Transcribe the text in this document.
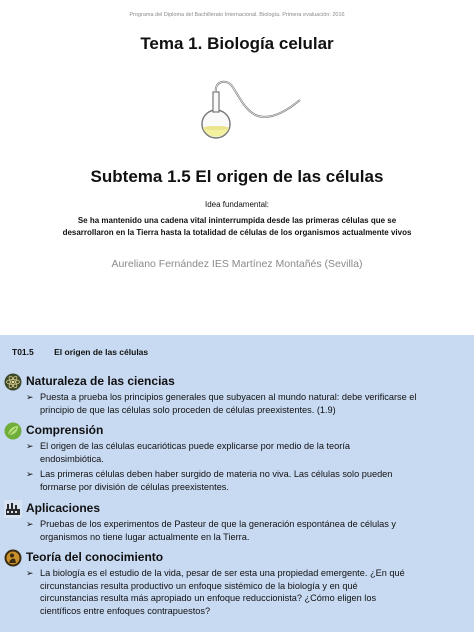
Programa del Diploma del Bachillerato Internacional. Biología. Primera evaluación: 2016
Tema 1. Biología celular
Subtema 1.5 El origen de las células
Idea fundamental:
Se ha mantenido una cadena vital ininterrumpida desde las primeras células que se
desarrollaron en la Tierra hasta la totalidad de células de los organismos actualmente vivos
Aureliano Fernández IES Martínez Montañés (Sevilla)
T01.5 El origen de las células
Naturaleza de las ciencias
➢ Puesta a prueba los principios generales que subyacen al mundo natural: debe verificarse el
principio de que las células solo proceden de células preexistentes. (1.9)
Comprensión
➢ El origen de las células eucarióticas puede explicarse por medio de la teoría
endosimbiótica.
➢ Las primeras células deben haber surgido de materia no viva. Las células solo pueden
formarse por división de células preexistentes.
Aplicaciones
➢ Pruebas de los experimentos de Pasteur de que la generación espontánea de células y
organismos no tiene lugar actualmente en la Tierra.
Teoría del conocimiento
➢ La biología es el estudio de la vida, pesar de ser esta una propiedad emergente. ¿En qué
circunstancias resulta productivo un enfoque sistémico de la biología y en qué
circunstancias resulta más apropiado un enfoque reduccionista? ¿Cómo eligen los
científicos entre enfoques contrapuestos?
